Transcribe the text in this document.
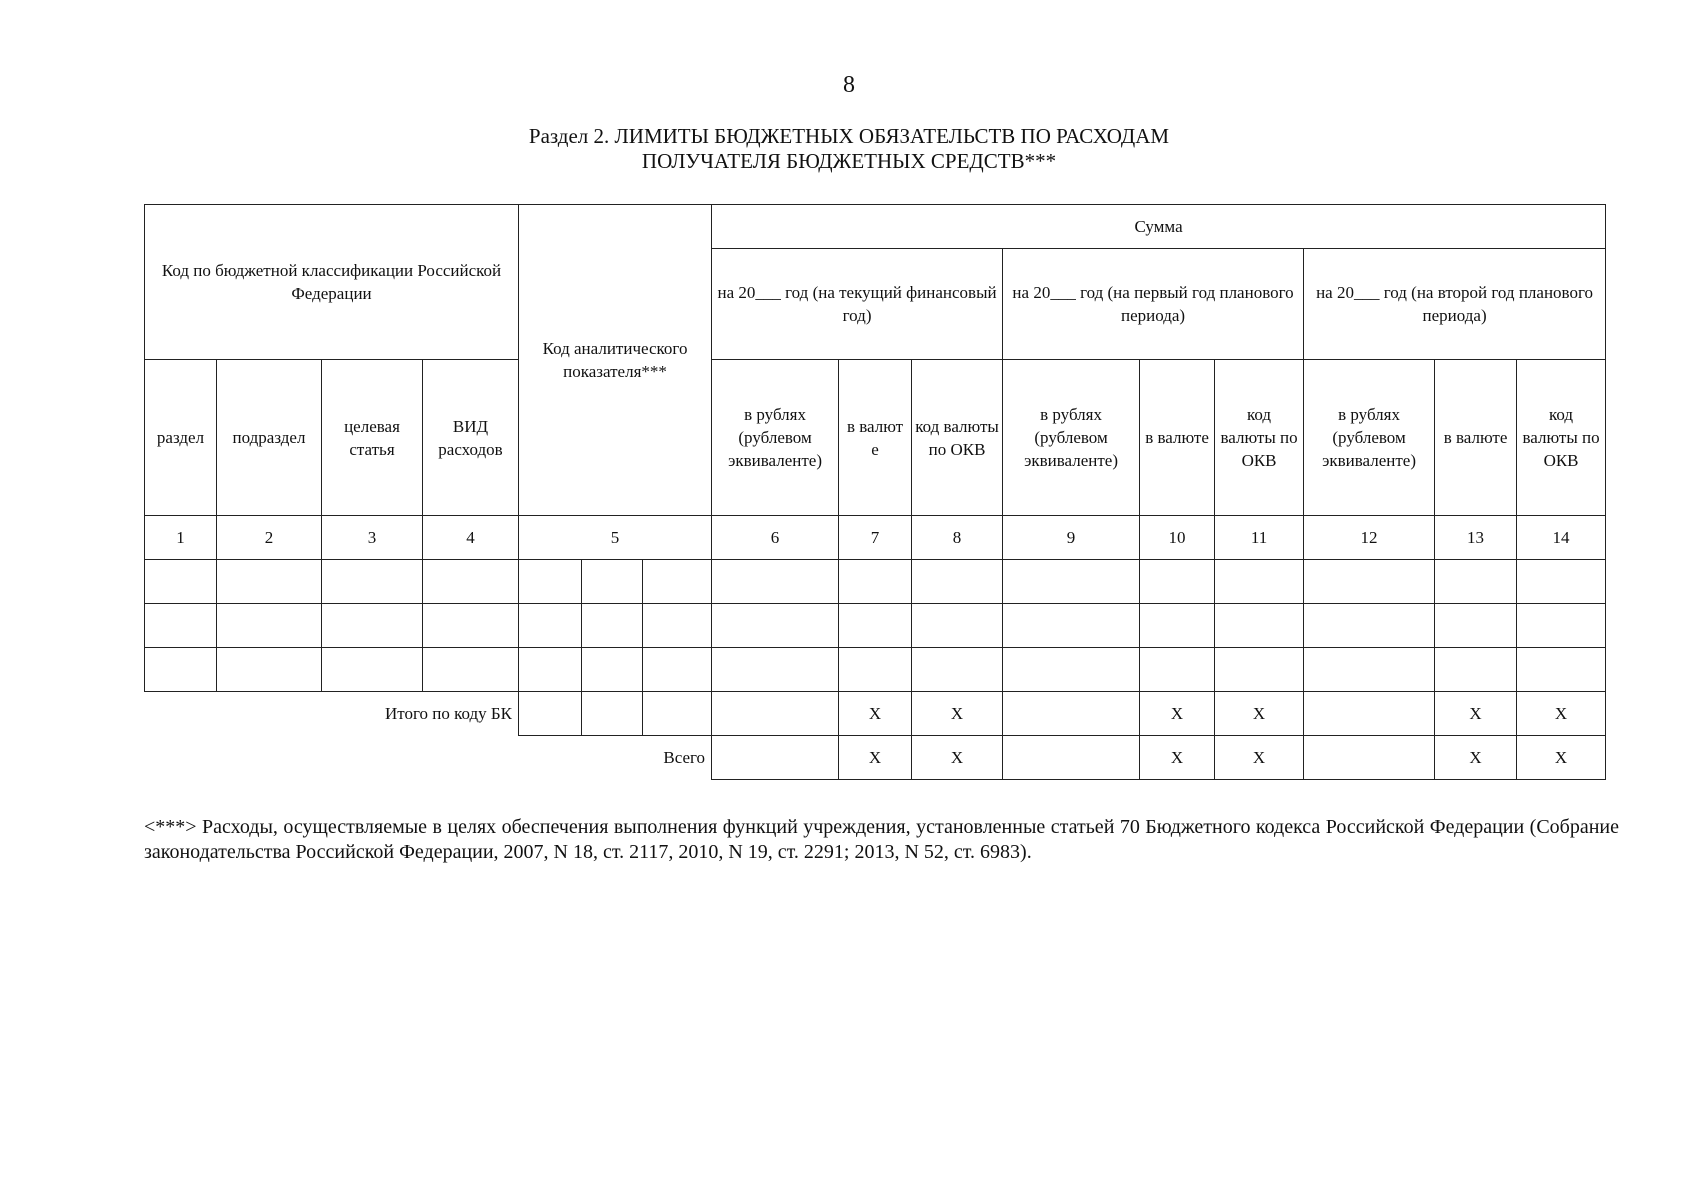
8
Раздел 2. ЛИМИТЫ БЮДЖЕТНЫХ ОБЯЗАТЕЛЬСТВ ПО РАСХОДАМ
ПОЛУЧАТЕЛЯ БЮДЖЕТНЫХ СРЕДСТВ***
Код по бюджетной классификации Российской Федерации				Код аналитического показателя***			Сумма								
							на 20___ год (на текущий финансовый год)			на 20___ год (на первый год планового периода)			на 20___ год (на второй год планового периода)		
раздел	подраздел	целевая статья	ВИД расходов				в рублях (рублевом эквиваленте)	в валют е	код валюты по ОКВ	в рублях (рублевом эквиваленте)	в валюте	код валюты по ОКВ	в рублях (рублевом эквиваленте)	в валюте	код валюты по ОКВ
1	2	3	4	5			6	7	8	9	10	11	12	13	14

Итого по коду БК								Х	Х		Х	Х		Х	Х
Всего								Х	Х		Х	Х		Х	Х
<***> Расходы, осуществляемые в целях обеспечения выполнения функций учреждения, установленные статьей 70 Бюджетного кодекса Российской Федерации (Собрание законодательства Российской Федерации, 2007, N 18, ст. 2117, 2010, N 19, ст. 2291; 2013, N 52, ст. 6983).
